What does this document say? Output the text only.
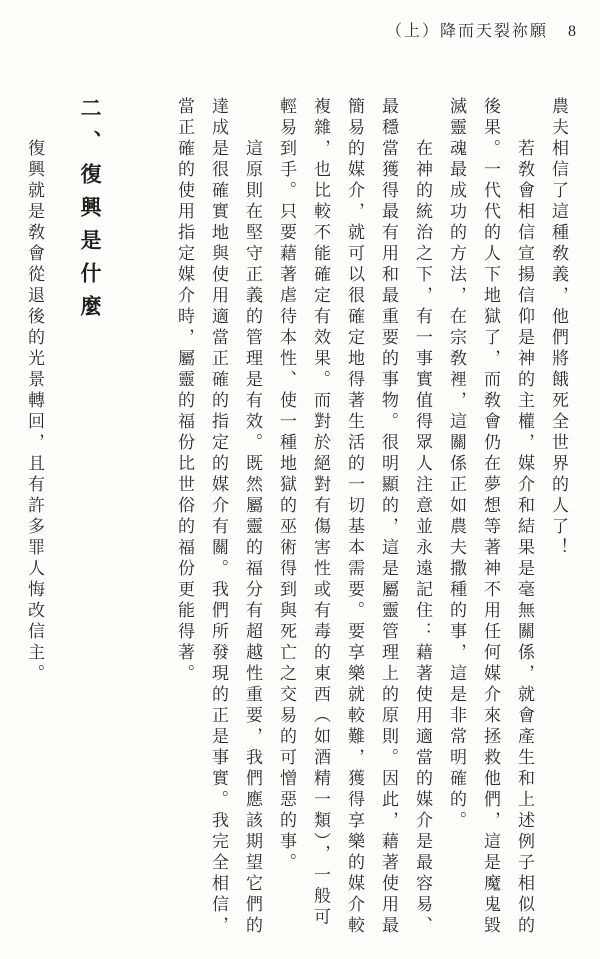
（上）降而天裂祢願 8

農夫相信了這種敎義，他們將餓死全世界的人了！

若敎會相信宣揚信仰是神的主權，媒介和結果是毫無關係，就會產生和上述例子相似的後果。一代代的人下地獄了，而敎會仍在夢想等著神不用任何媒介來拯救他們，這是魔鬼毀滅靈魂最成功的方法，在宗敎裡，這關係正如農夫撒種的事，這是非常明確的。

在神的統治之下，有一事實值得眾人注意並永遠記住：藉著使用適當的媒介是最容易、最穩當獲得最有用和最重要的事物。很明顯的，這是屬靈管理上的原則。因此，藉著使用最簡易的媒介，就可以很確定地得著生活的一切基本需要。要享樂就較難，獲得享樂的媒介較複雜，也比較不能確定有效果。而對於絕對有傷害性或有毒的東西（如酒精一類），一般可輕易到手。只要藉著虐待本性、使一種地獄的巫術得到與死亡之交易的可憎惡的事。

這原則在堅守正義的管理是有效。既然屬靈的福分有超越性重要，我們應該期望它們的達成是很確實地與使用適當正確的指定的媒介有關。我們所發現的正是事實。我完全相信，當正確的使用指定媒介時，屬靈的福份比世俗的福份更能得著。

二、復興是什麼

復興就是敎會從退後的光景轉回，且有許多罪人悔改信主。
